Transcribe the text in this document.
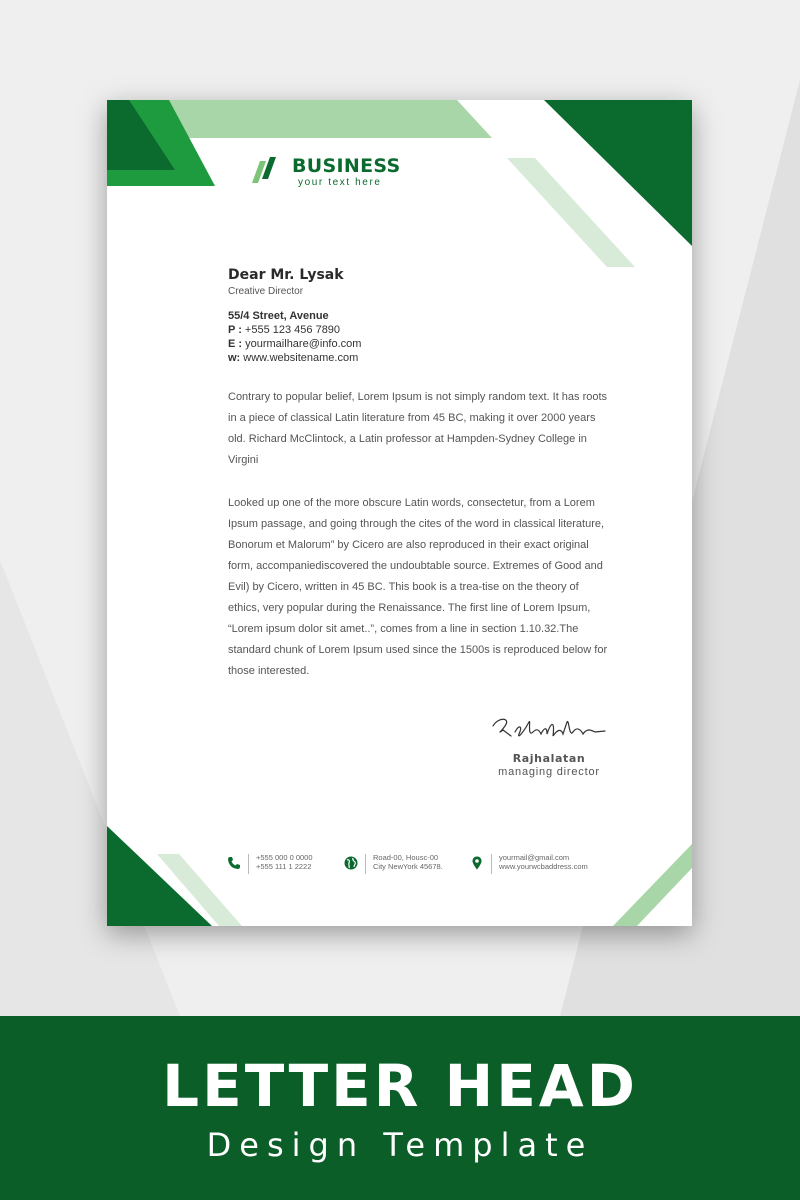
BUSINESS
your text here
Dear Mr. Lysak
Creative Director
55/4 Street, Avenue
P : +555 123 456 7890
E : yourmailhare@info.com
w: www.websitename.com

Contrary to popular belief, Lorem Ipsum is not simply random text. It has roots in a piece of classical Latin literature from 45 BC, making it over 2000 years old. Richard McClintock, a Latin professor at Hampden-Sydney College in Virgini

Looked up one of the more obscure Latin words, consectetur, from a Lorem Ipsum passage, and going through the cites of the word in classical literature, Bonorum et Malorum” by Cicero are also reproduced in their exact original form, accompaniediscovered the undoubtable source. Extremes of Good and Evil) by Cicero, written in 45 BC. This book is a trea-tise on the theory of ethics, very popular during the Renaissance. The first line of Lorem Ipsum, “Lorem ipsum dolor sit amet..”, comes from a line in section 1.10.32.The standard chunk of Lorem Ipsum used since the 1500s is reproduced below for those interested.

Rajhalatan
managing director
+555 000 0 0000
+555 111 1 2222
Road-00, Housc-00
City NewYork 45678.
yourmail@gmail.com
www.yourwcbaddress.com
LETTER HEAD
Design Template
